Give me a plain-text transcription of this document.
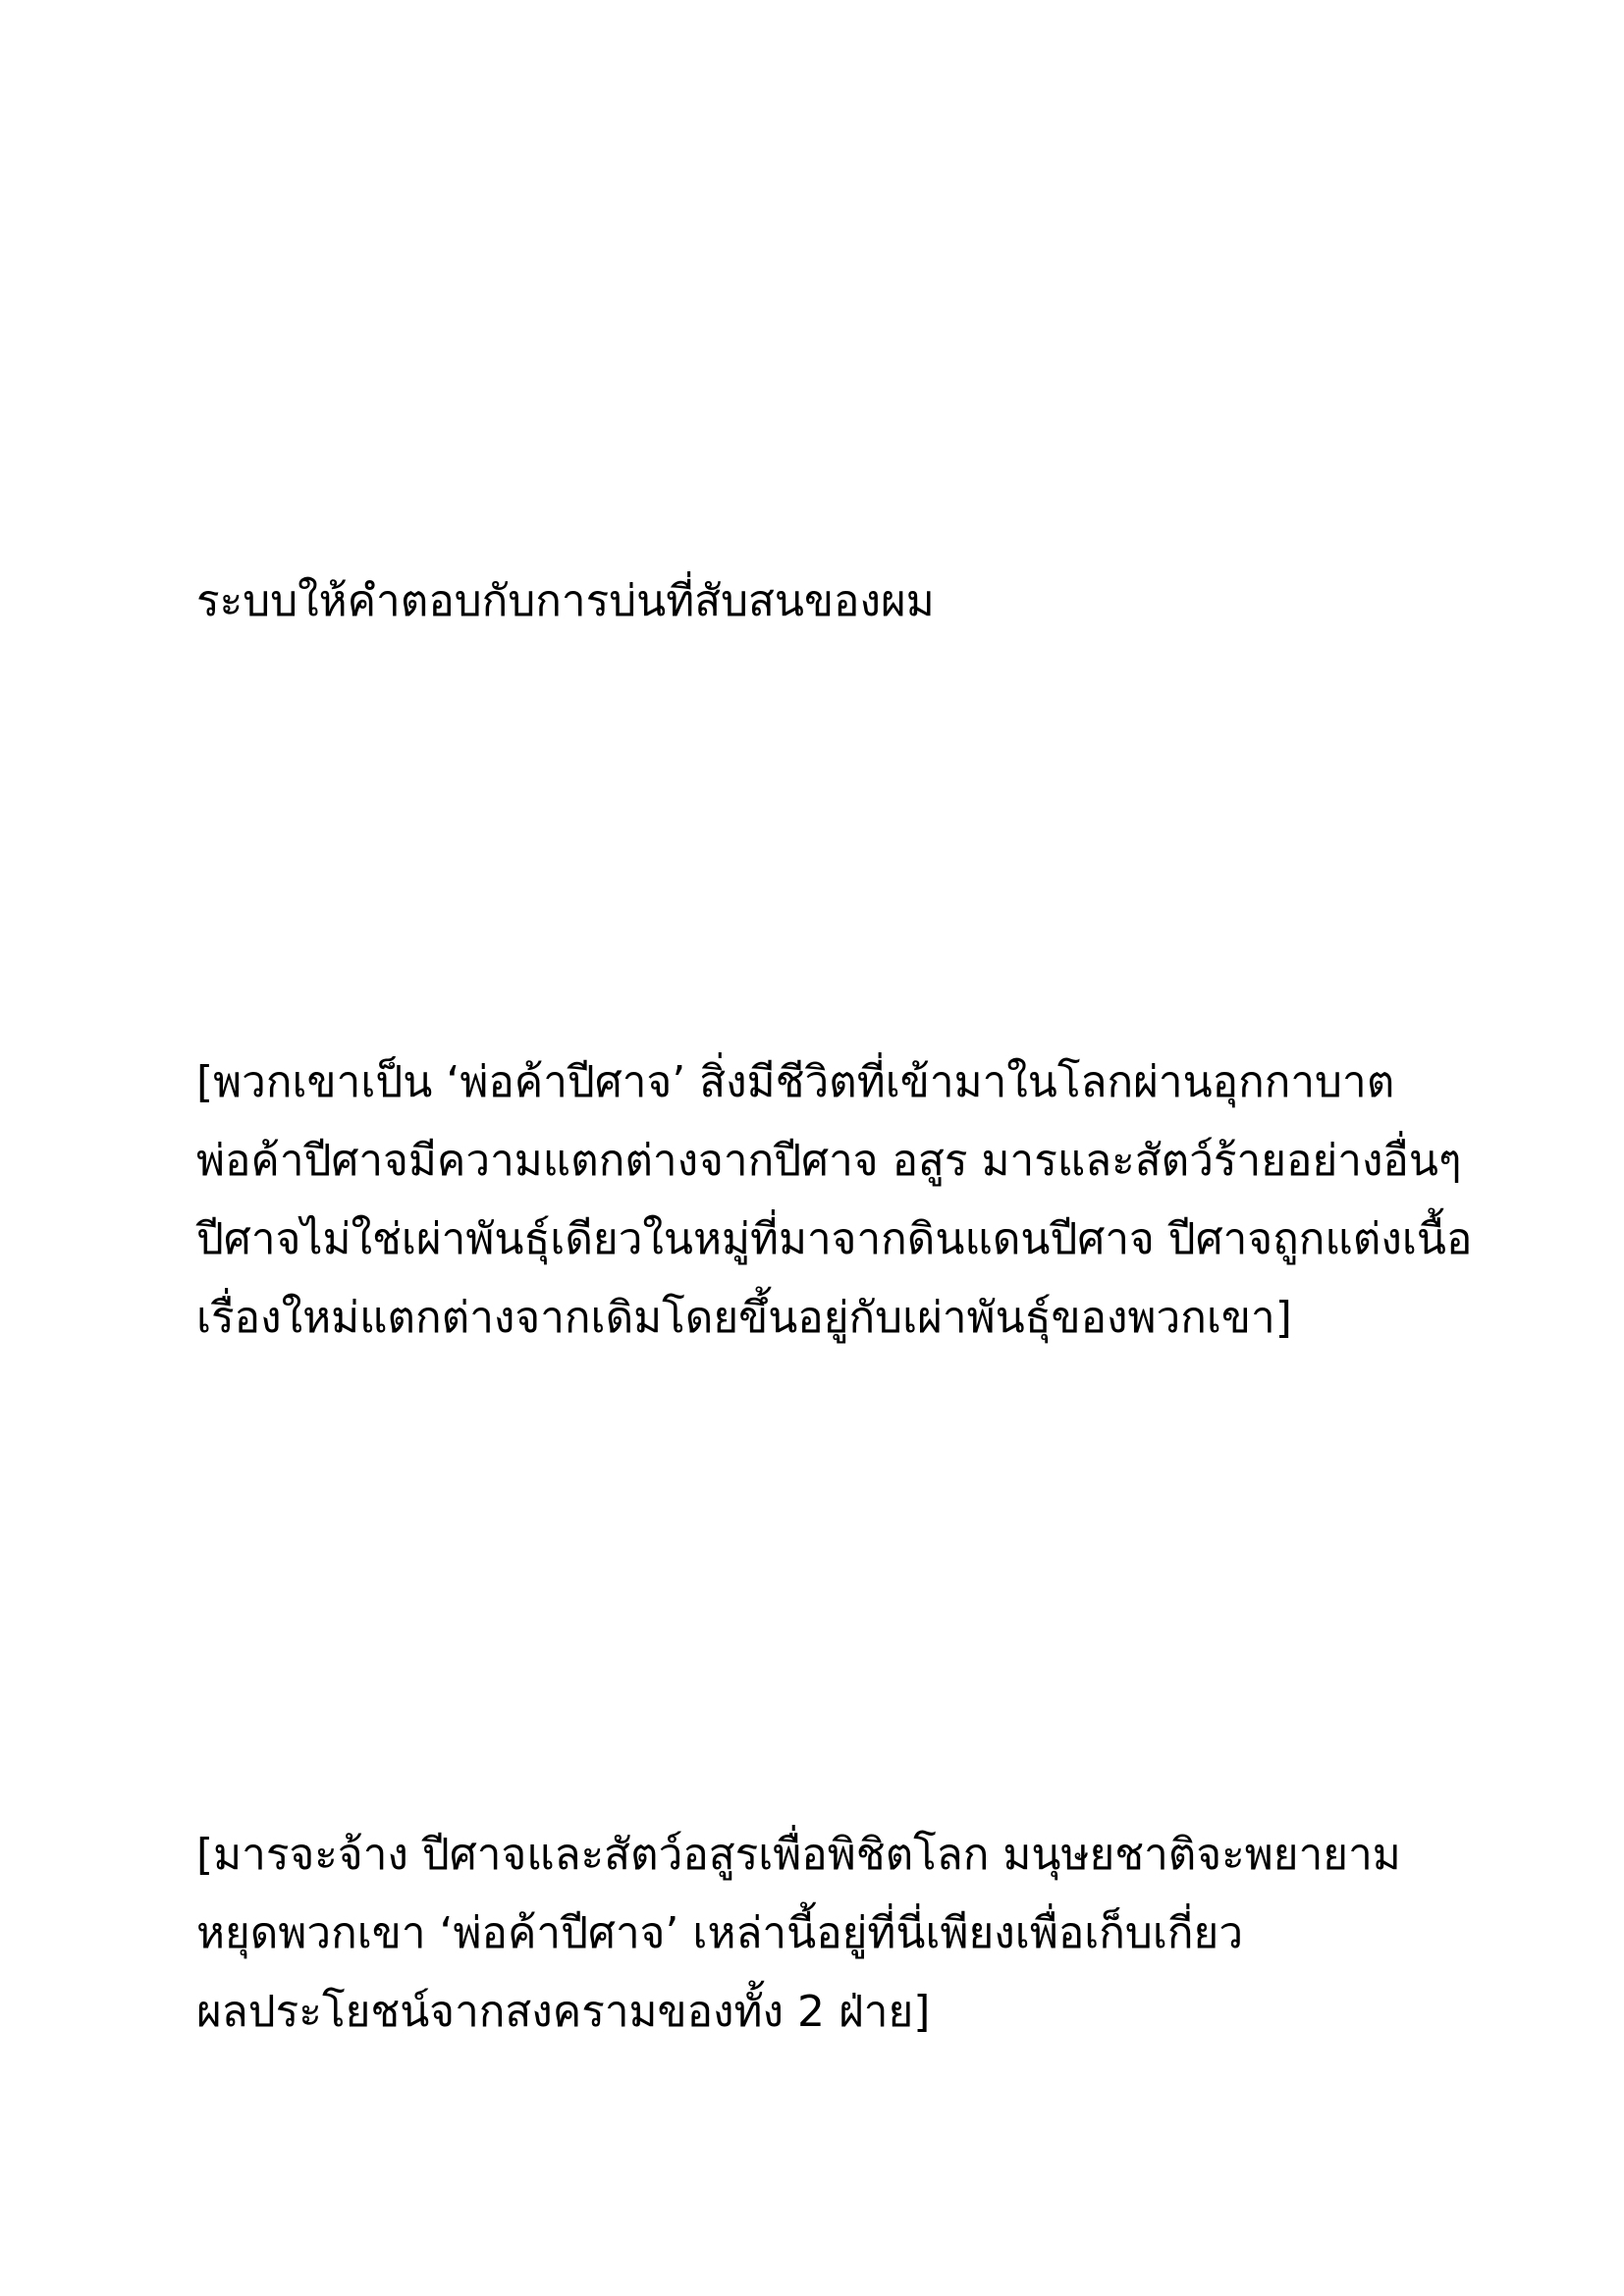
ระบบให้คำตอบกับการบ่นที่สับสนของผม
[พวกเขาเป็น ‘พ่อค้าปีศาจ’ สิ่งมีชีวิตที่เข้ามาในโลกผ่านอุกกาบาต
พ่อค้าปีศาจมีความแตกต่างจากปีศาจ อสูร มารและสัตว์ร้ายอย่างอื่นๆ
ปีศาจไม่ใช่เผ่าพันธุ์เดียวในหมู่ที่มาจากดินแดนปีศาจ ปีศาจถูกแต่งเนื้อ
เรื่องใหม่แตกต่างจากเดิมโดยขึ้นอยู่กับเผ่าพันธุ์ของพวกเขา]
[มารจะจ้าง ปีศาจและสัตว์อสูรเพื่อพิชิตโลก มนุษยชาติจะพยายาม
หยุดพวกเขา ‘พ่อค้าปีศาจ’ เหล่านี้อยู่ที่นี่เพียงเพื่อเก็บเกี่ยว
ผลประโยชน์จากสงครามของทั้ง 2 ฝ่าย]
